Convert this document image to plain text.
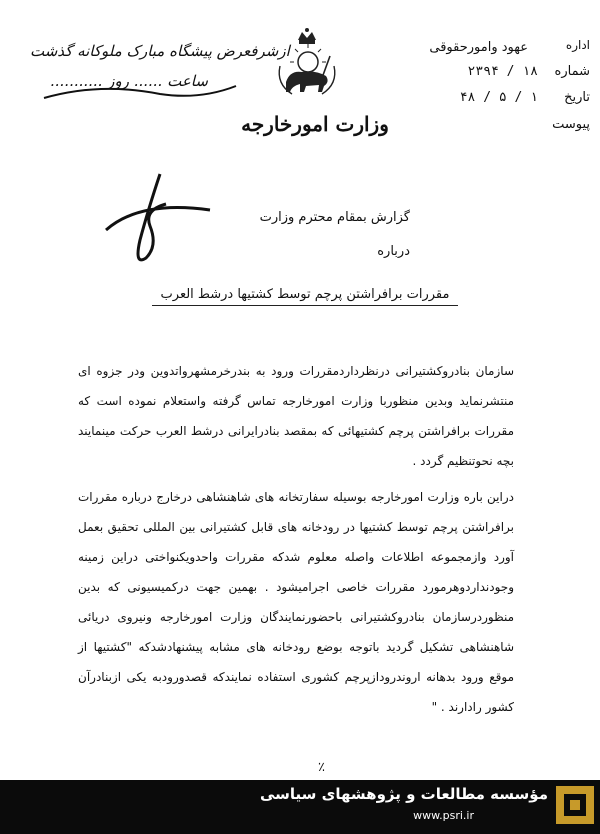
اداره
عهود وامورحقوقی
شماره
۱۸ / ۲۳۹۴
تاریخ
۱ / ۵ / ۴۸
پیوست
وزارت امورخارجه
ازشرفعرض پیشگاه مبارک ملوکانه گذشت
ساعت ...... روز ...........
گزارش بمقام محترم وزارت
درباره
مقررات برافراشتن پرچم توسط کشتیها درشط العرب
سازمان بنادروکشتیرانی درنظرداردمقررات ورود به بندرخرمشهرواتدوین ودر جزوه ای منتشرنماید وبدین منظوربا وزارت امورخارجه تماس گرفته واستعلام نموده است که مقررات برافراشتن پرچم کشتیهائی که بمقصد بنادرایرانی درشط العرب حرکت مینمایند بچه نحوتنظیم گردد .
دراین باره وزارت امورخارجه بوسیله سفارتخانه های شاهنشاهی درخارج درباره مقررات برافراشتن پرچم توسط کشتیها در رودخانه های قابل کشتیرانی بین المللی تحقیق بعمل آورد وازمجموعه اطلاعات واصله معلوم شدکه مقررات واحدویکنواختی دراین زمینه وجودنداردوهرمورد مقررات خاصی اجرامیشود . بهمین جهت درکمیسیونی که بدین منظوردرسازمان بنادروکشتیرانی باحضورنمایندگان وزارت امورخارجه ونیروی دریائی شاهنشاهی تشکیل گردید باتوجه بوضع رودخانه های مشابه پیشنهادشدکه "کشتیها از موقع ورود بدهانه اروندرودازپرچم کشوری استفاده نمایندکه قصدورودبه یکی ازبنادرآن کشور رادارند . "
٪
مؤسسه مطالعات و پژوهشهای سیاسی
www.psri.ir
